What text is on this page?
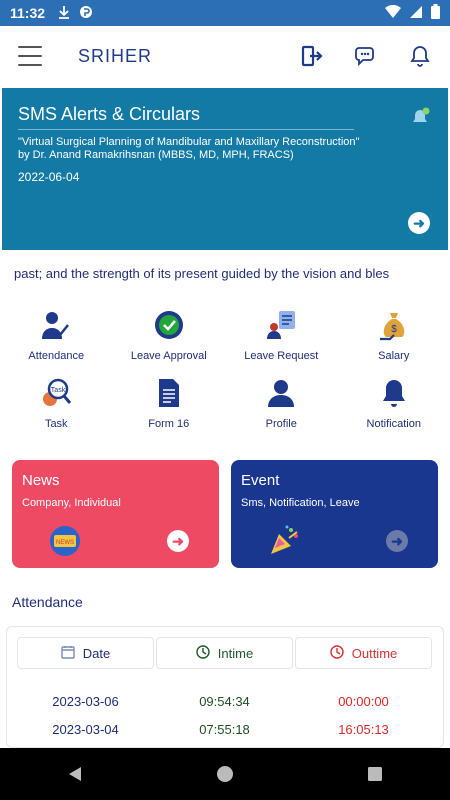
11:32
SRIHER
SMS Alerts & Circulars
"Virtual Surgical Planning of Mandibular and Maxillary Reconstruction" by Dr. Anand Ramakrihsnan (MBBS, MD, MPH, FRACS)
2022-06-04
➜
past; and the strength of its present guided by the vision and bles
Attendance	Leave Approval	Leave Request
$
Salary
Task
Task	Form 16	Profile	Notification
News
Company, Individual
NEWS	➜
Event
Sms, Notification, Leave
➜
Attendance
Date	Intime	Outtime
2023-03-06	09:54:34	00:00:00
2023-03-04	07:55:18	16:05:13
